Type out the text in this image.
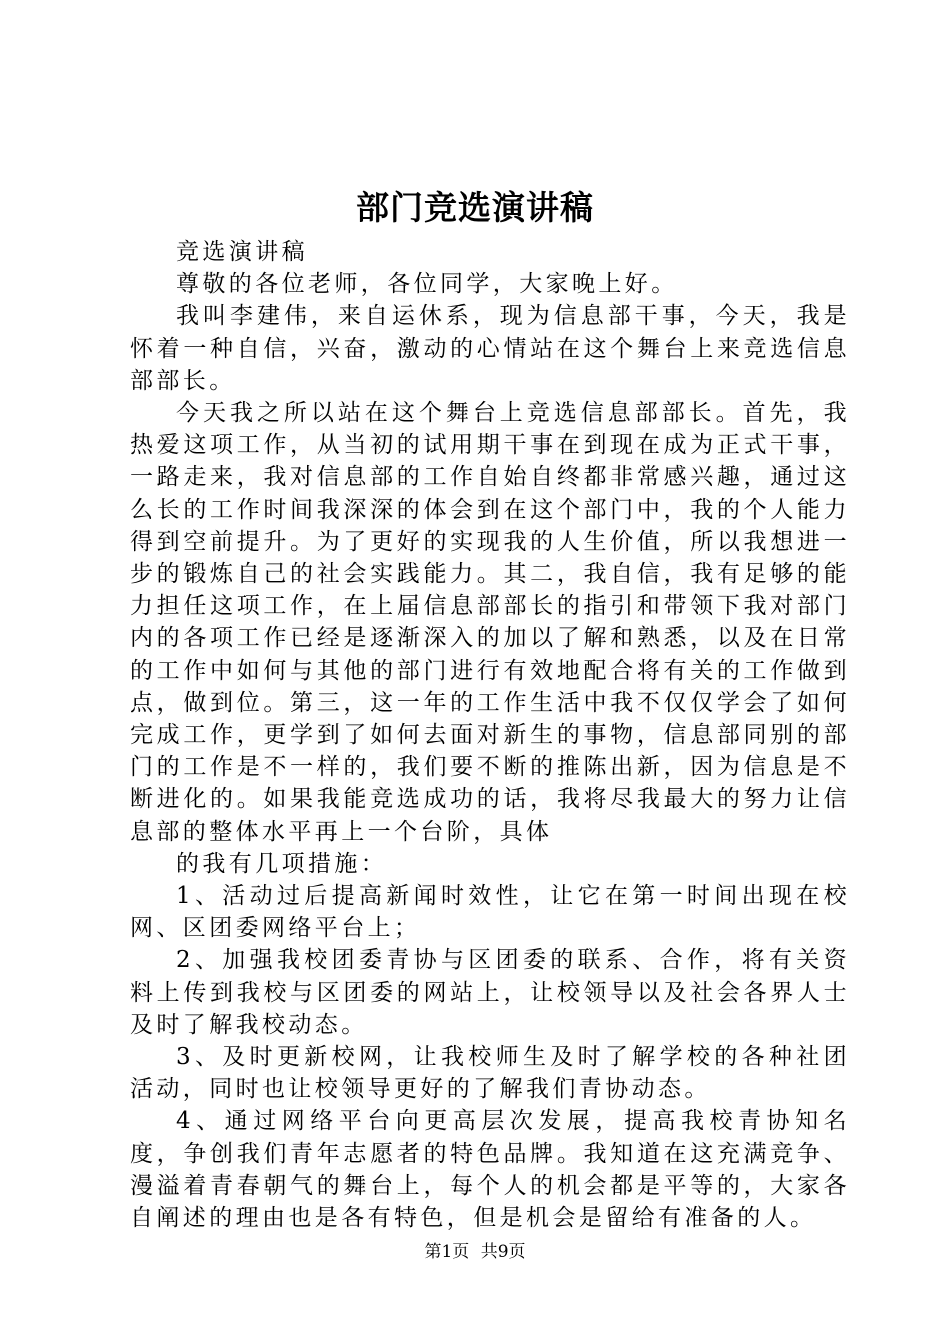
部门竞选演讲稿

竞选演讲稿

尊敬的各位老师，各位同学，大家晚上好。

我叫李建伟，来自运休系，现为信息部干事，今天，我是怀着一种自信，兴奋，激动的心情站在这个舞台上来竞选信息部部长。

今天我之所以站在这个舞台上竞选信息部部长。首先，我热爱这项工作，从当初的试用期干事在到现在成为正式干事，一路走来，我对信息部的工作自始自终都非常感兴趣，通过这么长的工作时间我深深的体会到在这个部门中，我的个人能力得到空前提升。为了更好的实现我的人生价值，所以我想进一步的锻炼自己的社会实践能力。其二，我自信，我有足够的能力担任这项工作，在上届信息部部长的指引和带领下我对部门内的各项工作已经是逐渐深入的加以了解和熟悉，以及在日常的工作中如何与其他的部门进行有效地配合将有关的工作做到点，做到位。第三，这一年的工作生活中我不仅仅学会了如何完成工作，更学到了如何去面对新生的事物，信息部同别的部门的工作是不一样的，我们要不断的推陈出新，因为信息是不断进化的。如果我能竞选成功的话，我将尽我最大的努力让信息部的整体水平再上一个台阶，具体

的我有几项措施：

1、活动过后提高新闻时效性，让它在第一时间出现在校网、区团委网络平台上；

2、加强我校团委青协与区团委的联系、合作，将有关资料上传到我校与区团委的网站上，让校领导以及社会各界人士及时了解我校动态。

3、及时更新校网，让我校师生及时了解学校的各种社团活动，同时也让校领导更好的了解我们青协动态。

4、通过网络平台向更高层次发展，提高我校青协知名度，争创我们青年志愿者的特色品牌。我知道在这充满竞争、漫溢着青春朝气的舞台上，每个人的机会都是平等的，大家各自阐述的理由也是各有特色，但是机会是留给有准备的人。

第1页 共9页
